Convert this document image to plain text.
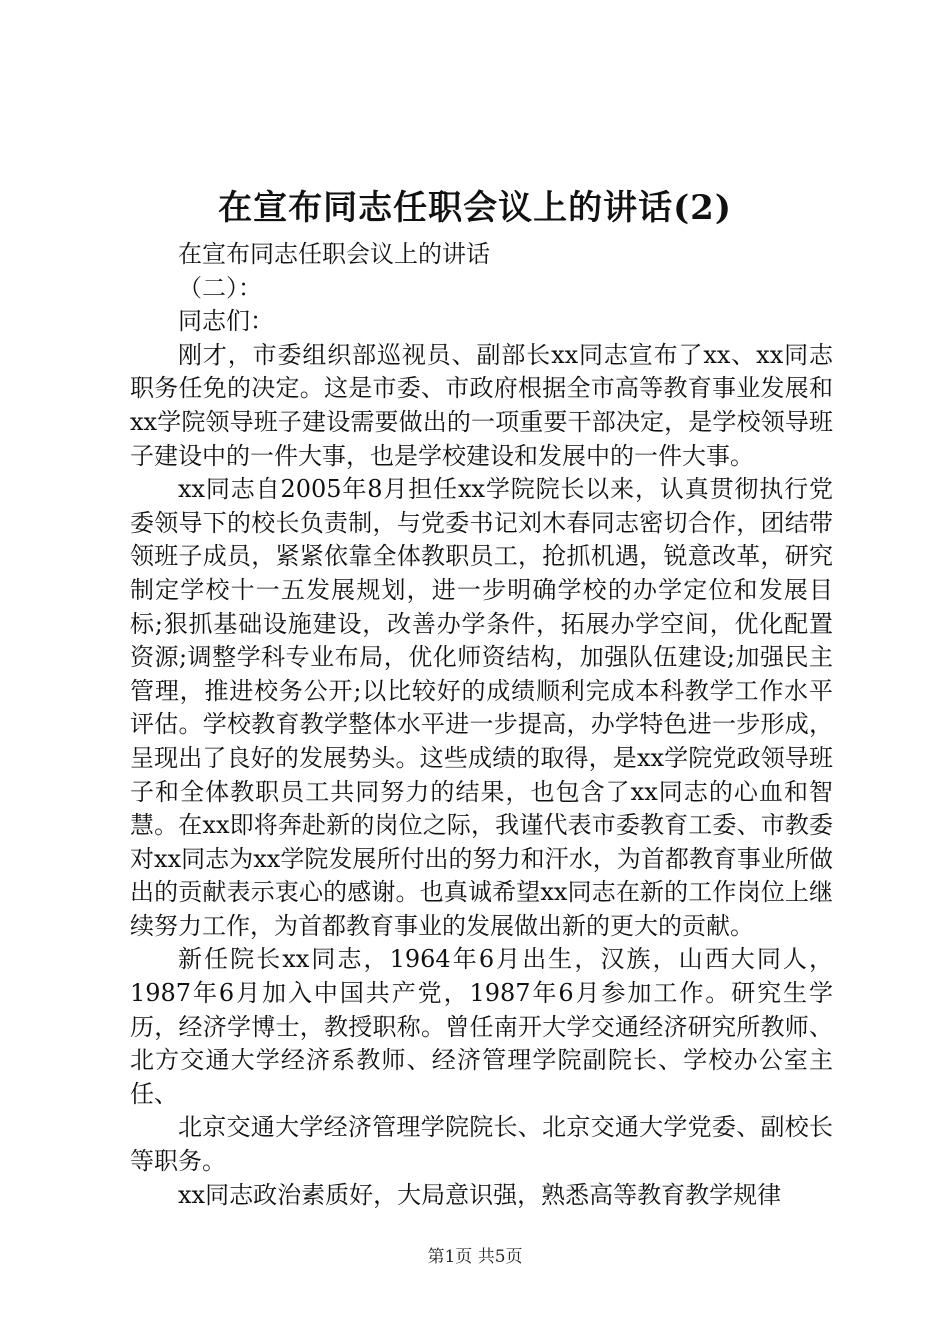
在宣布同志任职会议上的讲话(2)

在宣布同志任职会议上的讲话

（二）：

同志们：

刚才，市委组织部巡视员、副部长xx同志宣布了xx、xx同志职务任免的决定。这是市委、市政府根据全市高等教育事业发展和xx学院领导班子建设需要做出的一项重要干部决定，是学校领导班子建设中的一件大事，也是学校建设和发展中的一件大事。

xx同志自2005年8月担任xx学院院长以来，认真贯彻执行党委领导下的校长负责制，与党委书记刘木春同志密切合作，团结带领班子成员，紧紧依靠全体教职员工，抢抓机遇，锐意改革，研究制定学校十一五发展规划，进一步明确学校的办学定位和发展目标;狠抓基础设施建设，改善办学条件，拓展办学空间，优化配置资源;调整学科专业布局，优化师资结构，加强队伍建设;加强民主管理，推进校务公开;以比较好的成绩顺利完成本科教学工作水平评估。学校教育教学整体水平进一步提高，办学特色进一步形成，呈现出了良好的发展势头。这些成绩的取得，是xx学院党政领导班子和全体教职员工共同努力的结果，也包含了xx同志的心血和智慧。在xx即将奔赴新的岗位之际，我谨代表市委教育工委、市教委对xx同志为xx学院发展所付出的努力和汗水，为首都教育事业所做出的贡献表示衷心的感谢。也真诚希望xx同志在新的工作岗位上继续努力工作，为首都教育事业的发展做出新的更大的贡献。

新任院长xx同志，1964年6月出生，汉族，山西大同人，1987年6月加入中国共产党，1987年6月参加工作。研究生学历，经济学博士，教授职称。曾任南开大学交通经济研究所教师、北方交通大学经济系教师、经济管理学院副院长、学校办公室主任、

北京交通大学经济管理学院院长、北京交通大学党委、副校长等职务。

xx同志政治素质好，大局意识强，熟悉高等教育教学规律

第1页 共5页
